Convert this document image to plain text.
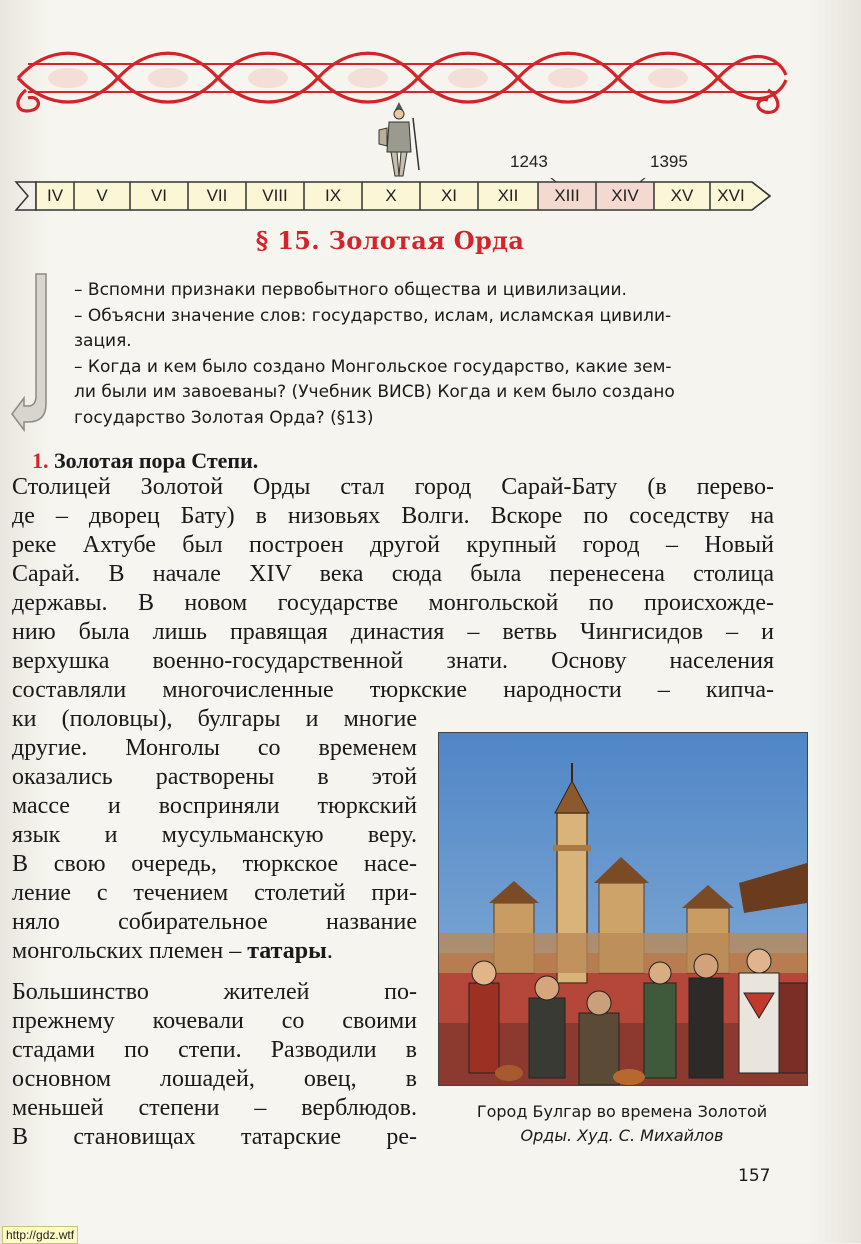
1243	1395
IV	V	VI	VII	VIII	IX	X	XI	XII	XIII	XIV	XV	XVI
§ 15. Золотая Орда

– Вспомни признаки первобытного общества и цивилизации.

– Объясни значение слов: государство, ислам, исламская цивили-

зация.

– Когда и кем было создано Монгольское государство, какие зем-

ли были им завоеваны? (Учебник ВИСВ) Когда и кем было создано

государство Золотая Орда? (§13)

1. Золотая пора Степи.
Столицей Золотой Орды стал город Сарай-Бату (в перево-
де – дворец Бату) в низовьях Волги. Вскоре по соседству на
реке Ахтубе был построен другой крупный город – Новый
Сарай. В начале XIV века сюда была перенесена столица
державы. В новом государстве монгольской по происхожде-
нию была лишь правящая династия – ветвь Чингисидов – и
верхушка военно-государственной знати. Основу населения
составляли многочисленные тюркские народности – кипча-
ки (половцы), булгары и многие
другие. Монголы со временем
оказались растворены в этой
массе и восприняли тюркский
язык и мусульманскую веру.
В свою очередь, тюркское насе-
ление с течением столетий при-
няло собирательное название
монгольских племен – татары.
Большинство жителей по-
прежнему кочевали со своими
стадами по степи. Разводили в
основном лошадей, овец, в
меньшей степени – верблюдов.
В становищах татарские ре-
Город Булгар во времена Золотой
Орды. Худ. С. Михайлов
157
http://gdz.wtf
